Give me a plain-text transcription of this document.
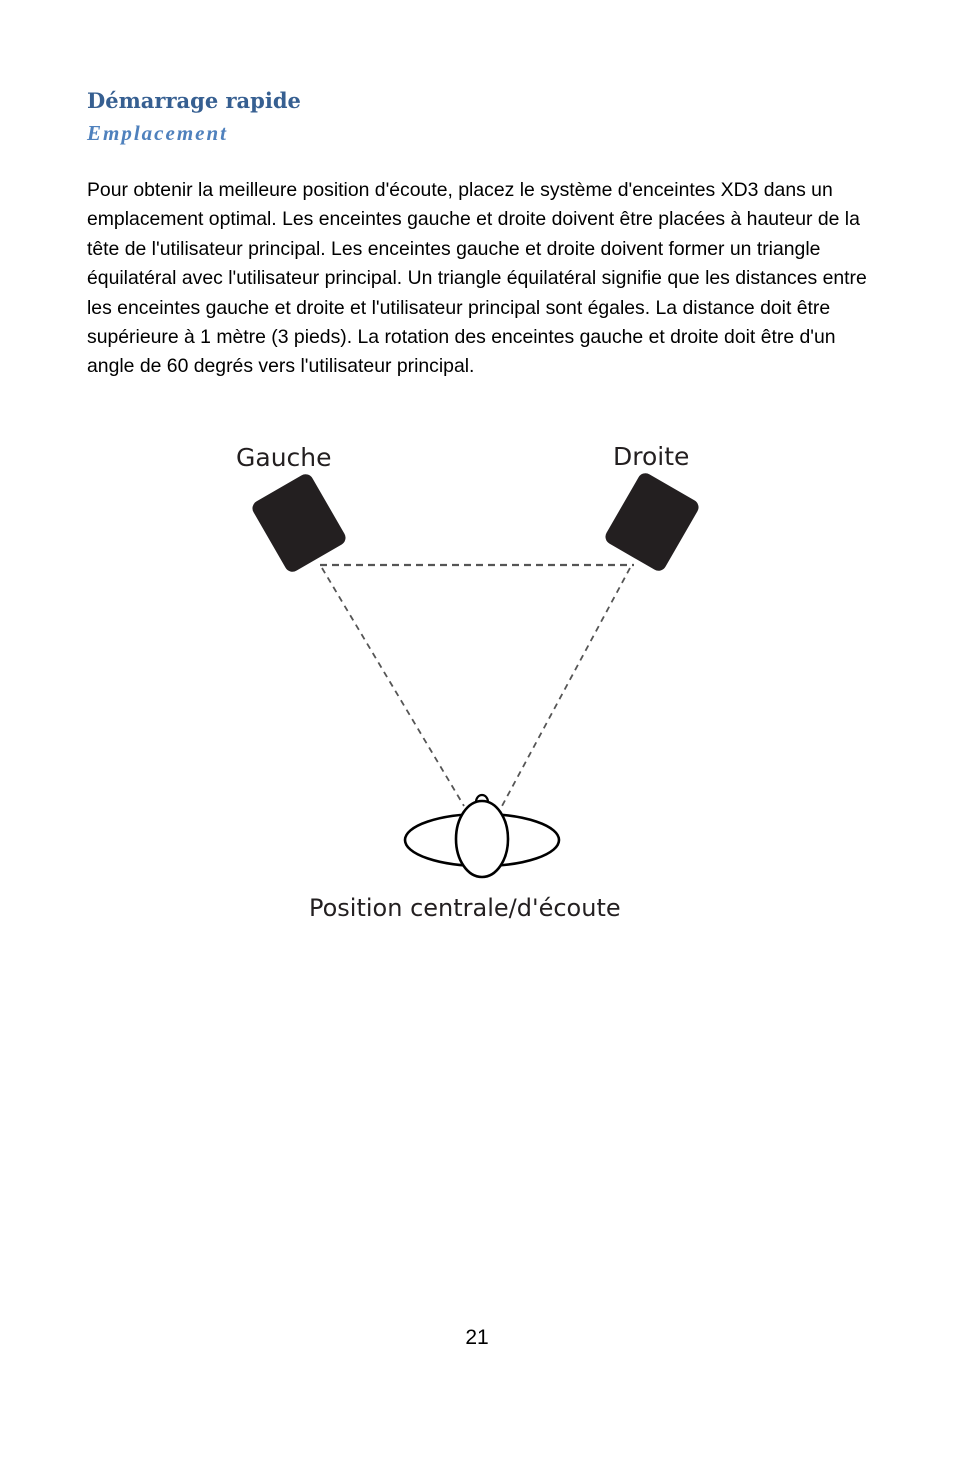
Démarrage rapide
Emplacement

Pour obtenir la meilleure position d'écoute, placez le système d'enceintes XD3 dans un emplacement optimal. Les enceintes gauche et droite doivent être placées à hauteur de la tête de l'utilisateur principal. Les enceintes gauche et droite doivent former un triangle équilatéral avec l'utilisateur principal. Un triangle équilatéral signifie que les distances entre les enceintes gauche et droite et l'utilisateur principal sont égales. La distance doit être supérieure à 1 mètre (3 pieds). La rotation des enceintes gauche et droite doit être d'un angle de 60 degrés vers l'utilisateur principal.

Gauche	Droite
Position centrale/d'écoute
21
